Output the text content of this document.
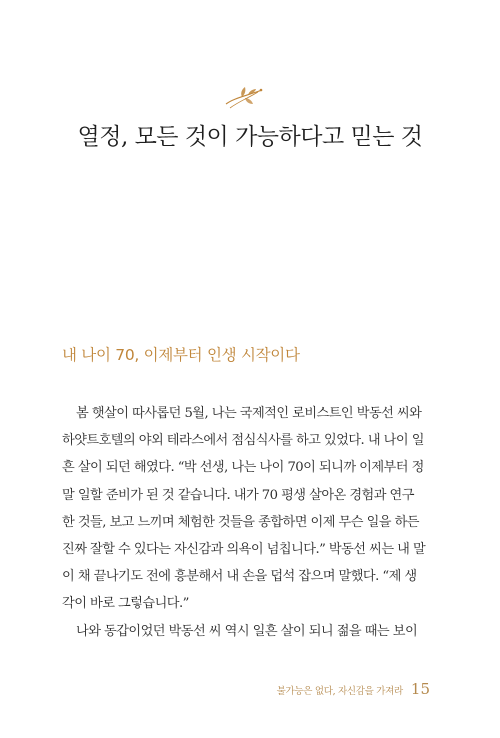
열정, 모든 것이 가능하다고 믿는 것
내 나이 70, 이제부터 인생 시작이다
봄 햇살이 따사롭던 5월, 나는 국제적인 로비스트인 박동선 씨와
하얏트호텔의 야외 테라스에서 점심식사를 하고 있었다. 내 나이 일
흔 살이 되던 해였다. “박 선생, 나는 나이 70이 되니까 이제부터 정
말 일할 준비가 된 것 같습니다. 내가 70 평생 살아온 경험과 연구
한 것들, 보고 느끼며 체험한 것들을 종합하면 이제 무슨 일을 하든
진짜 잘할 수 있다는 자신감과 의욕이 넘칩니다.” 박동선 씨는 내 말
이 채 끝나기도 전에 흥분해서 내 손을 덥석 잡으며 말했다. “제 생
각이 바로 그렇습니다.”
나와 동갑이었던 박동선 씨 역시 일흔 살이 되니 젊을 때는 보이
불가능은 없다, 자신감을 가져라 15
